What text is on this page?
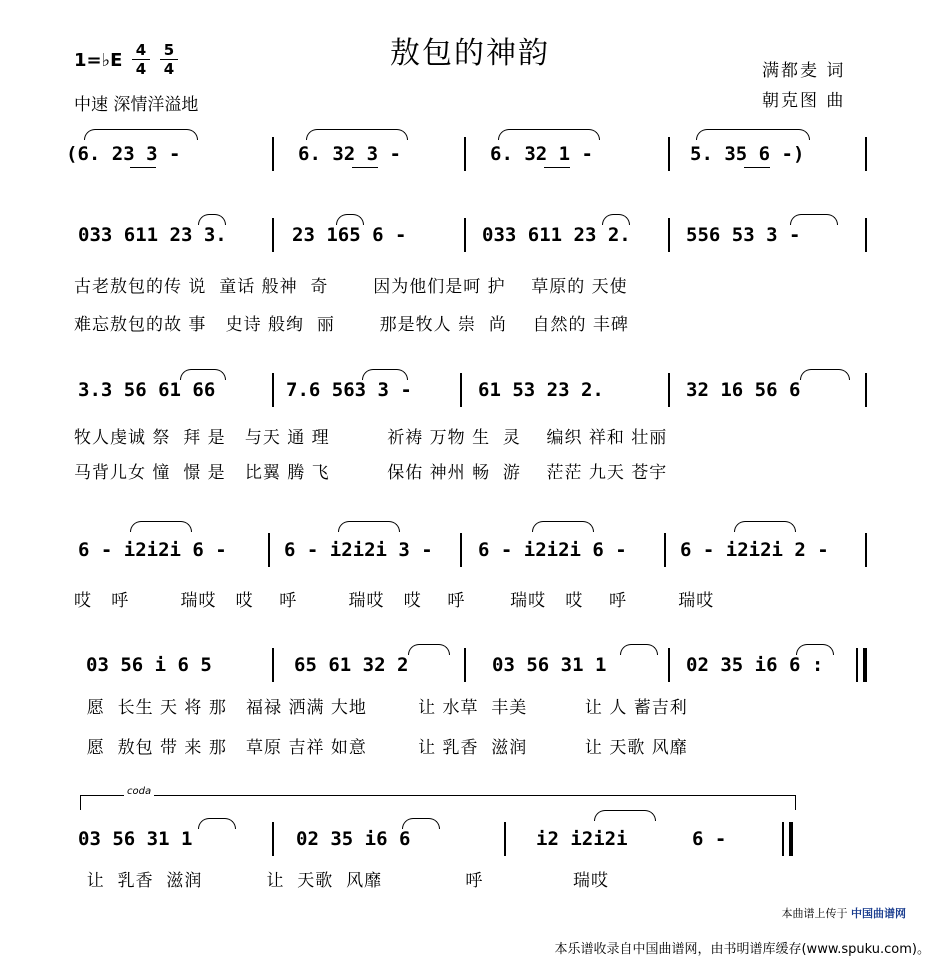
敖包的神韵
1=♭E 4
4
5
4
中速 深情洋溢地
满都麦 词
朝克图 曲
(6. 23 3 -	6. 32 3 -	6. 32 1 -	5. 35 6 -)
033 611 23 3.	23 165 6 -	033 611 23 2.	556 53 3 -
古老敖包的传 说  童话 般神  奇       因为他们是呵 护    草原的 天使
难忘敖包的故 事   史诗 般绚  丽       那是牧人 崇  尚    自然的 丰碑
3.3 56 61 66	7.6 563 3 -	61 53 23 2.	32 16 56 6
牧人虔诚 祭  拜 是   与天 通 理         祈祷 万物 生  灵    编织 祥和 壮丽
马背儿女 憧  憬 是   比翼 腾 飞         保佑 神州 畅  游    茫茫 九天 苍宇
6 - i2i2i 6 -	6 - i2i2i 3 - 6 - i2i2i 6 -	6 - i2i2i 2 -
哎   呼        瑞哎   哎    呼        瑞哎   哎    呼       瑞哎   哎    呼        瑞哎
03 56 i 6 5	65 61 32 2	03 56 31 1	02 35 i6 6 :
愿  长生 天 将 那   福禄 洒满 大地        让 水草  丰美         让 人 蓄吉利
愿  敖包 带 来 那   草原 吉祥 如意        让 乳香  滋润         让 天歌 风靡
coda
03 56 31 1	02 35 i6 6	i2 i2i2i	6 -
让  乳香  滋润          让  天歌  风靡             呼              瑞哎
本曲谱上传于 中国曲谱网
本乐谱收录自中国曲谱网，由书明谱库缓存(www.spuku.com)。
